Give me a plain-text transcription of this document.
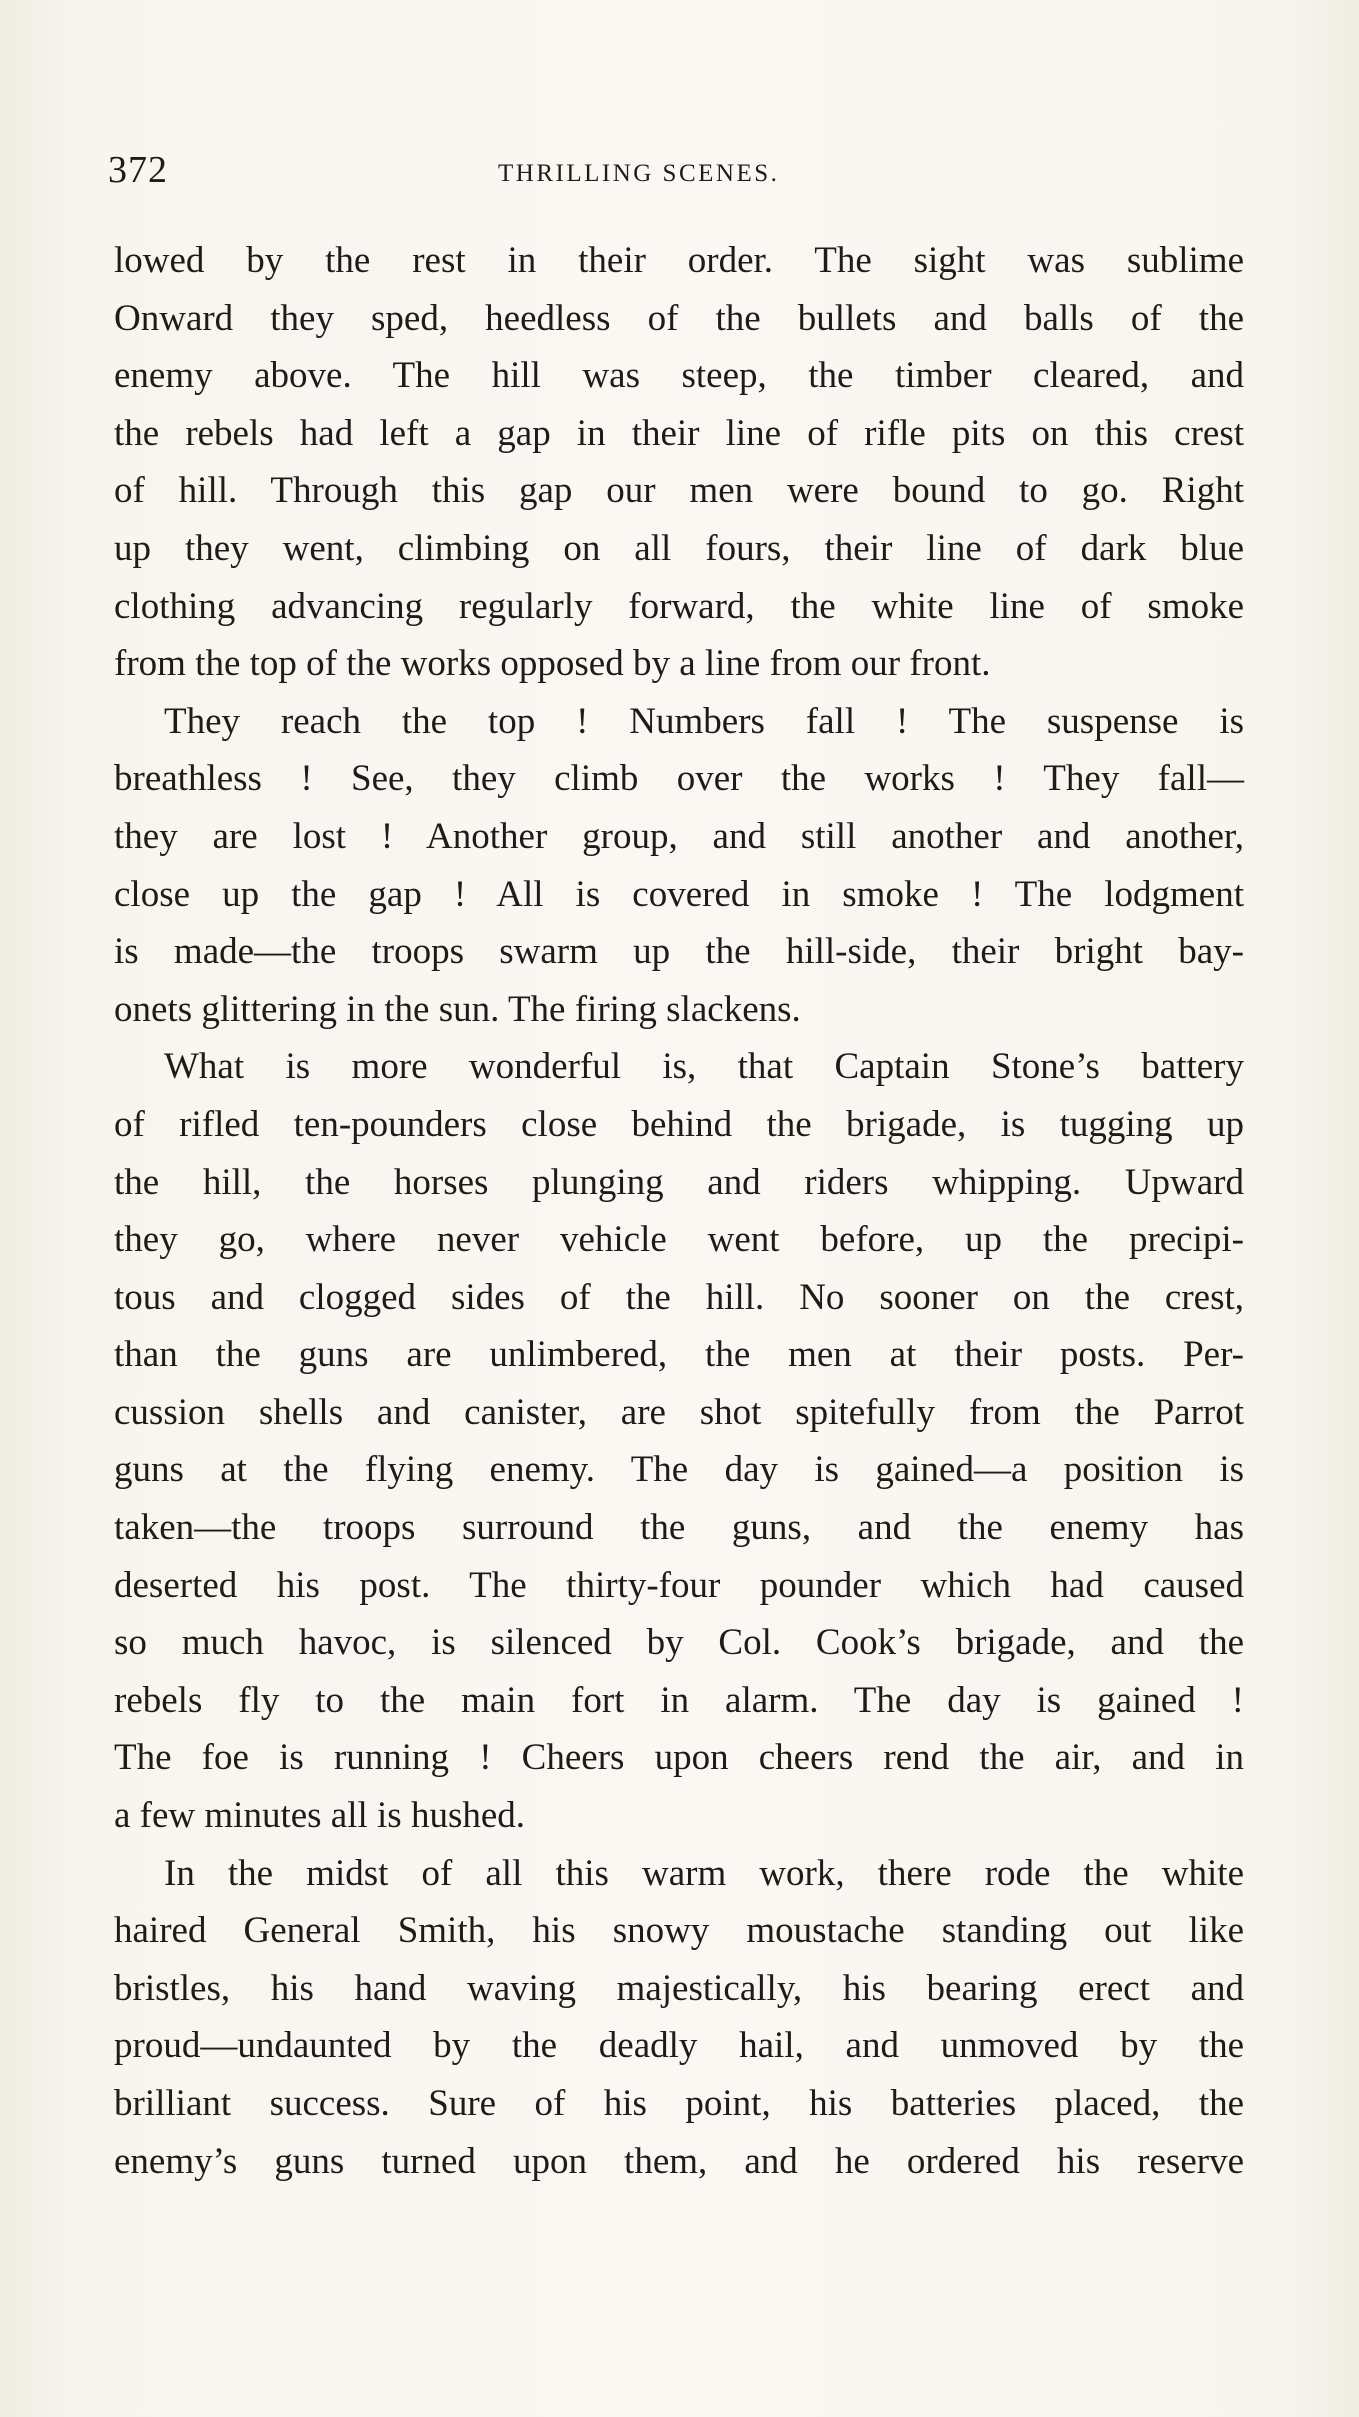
372	THRILLING SCENES.
lowed by the rest in their order. The sight was sublime
Onward they sped, heedless of the bullets and balls of the
enemy above. The hill was steep, the timber cleared, and
the rebels had left a gap in their line of rifle pits on this crest
of hill. Through this gap our men were bound to go. Right
up they went, climbing on all fours, their line of dark blue
clothing advancing regularly forward, the white line of smoke
from the top of the works opposed by a line from our front.
They reach the top ! Numbers fall ! The suspense is
breathless ! See, they climb over the works ! They fall—
they are lost ! Another group, and still another and another,
close up the gap ! All is covered in smoke ! The lodgment
is made—the troops swarm up the hill-side, their bright bay-
onets glittering in the sun. The firing slackens.
What is more wonderful is, that Captain Stone’s battery
of rifled ten-pounders close behind the brigade, is tugging up
the hill, the horses plunging and riders whipping. Upward
they go, where never vehicle went before, up the precipi-
tous and clogged sides of the hill. No sooner on the crest,
than the guns are unlimbered, the men at their posts. Per-
cussion shells and canister, are shot spitefully from the Parrot
guns at the flying enemy. The day is gained—a position is
taken—the troops surround the guns, and the enemy has
deserted his post. The thirty-four pounder which had caused
so much havoc, is silenced by Col. Cook’s brigade, and the
rebels fly to the main fort in alarm. The day is gained !
The foe is running ! Cheers upon cheers rend the air, and in
a few minutes all is hushed.
In the midst of all this warm work, there rode the white
haired General Smith, his snowy moustache standing out like
bristles, his hand waving majestically, his bearing erect and
proud—undaunted by the deadly hail, and unmoved by the
brilliant success. Sure of his point, his batteries placed, the
enemy’s guns turned upon them, and he ordered his reserve
